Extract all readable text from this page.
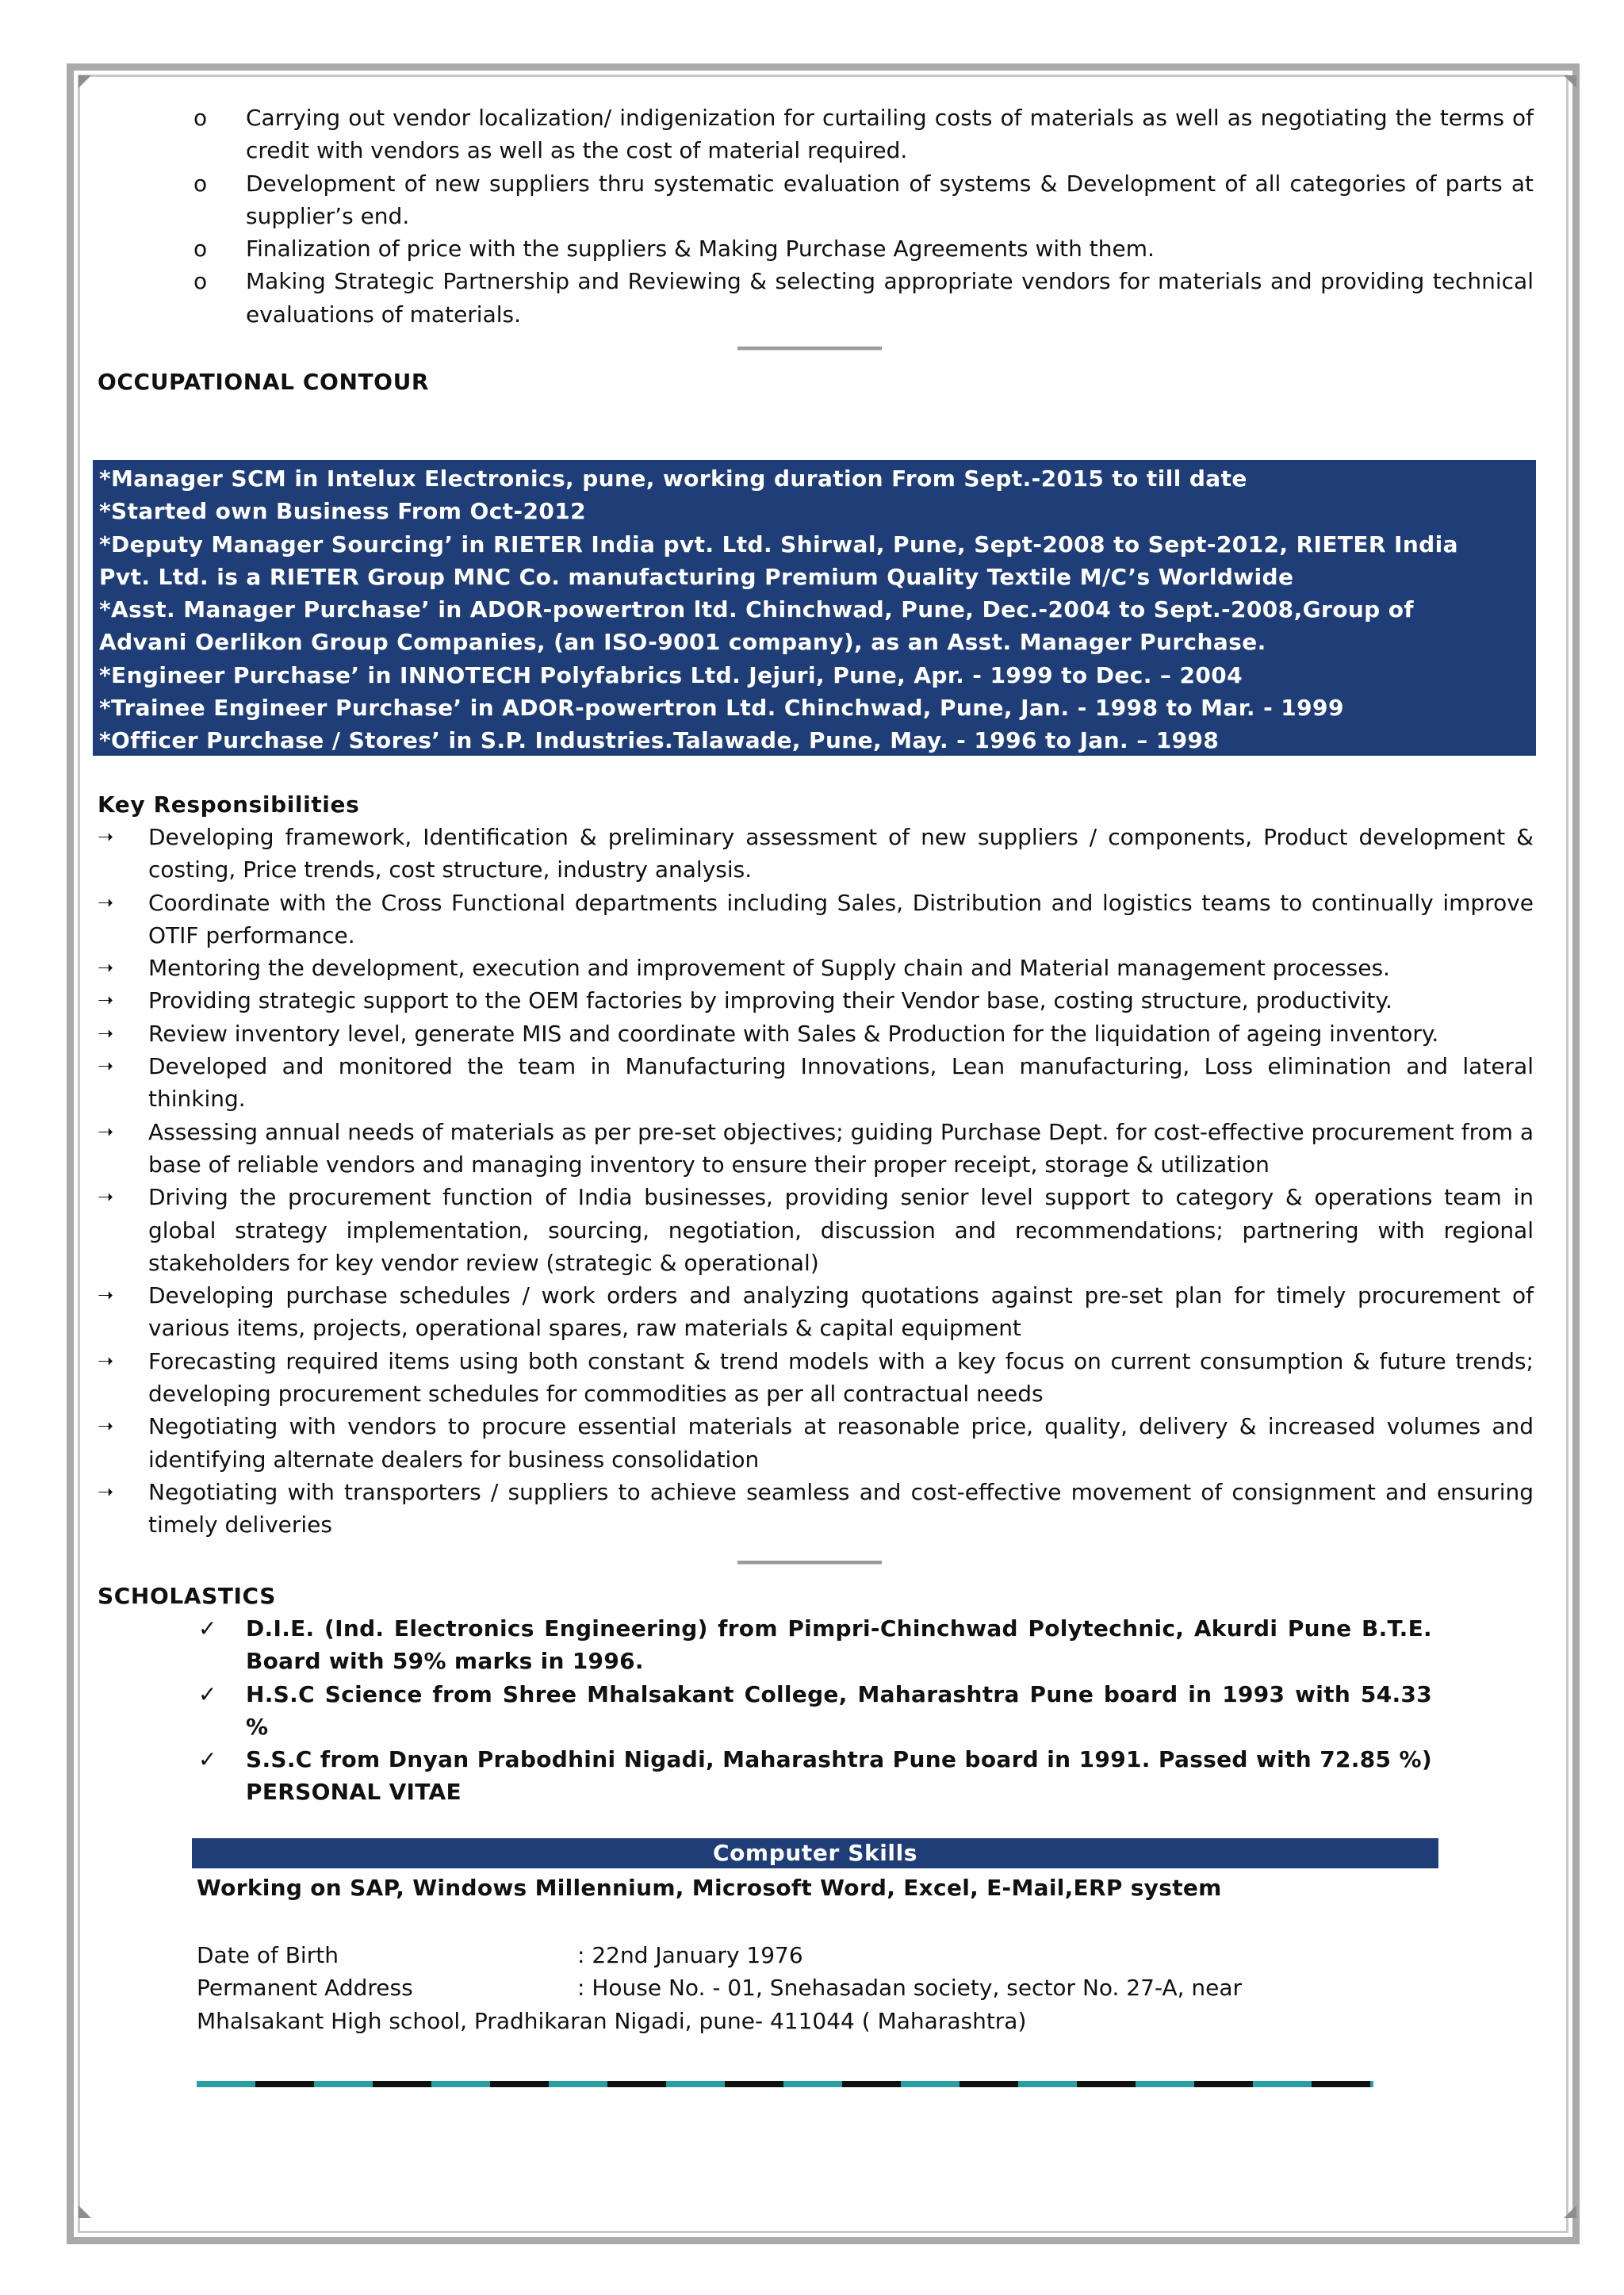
o Carrying out vendor localization/ indigenization for curtailing costs of materials as well as negotiating the terms of credit with vendors as well as the cost of material required.
o Development of new suppliers thru systematic evaluation of systems & Development of all categories of parts at supplier’s end.
o Finalization of price with the suppliers & Making Purchase Agreements with them.
o Making Strategic Partnership and Reviewing & selecting appropriate vendors for materials and providing technical evaluations of materials.
OCCUPATIONAL CONTOUR
*Manager SCM in Intelux Electronics, pune, working duration From Sept.-2015 to till date
*Started own Business From Oct-2012
*Deputy Manager Sourcing’ in RIETER India pvt. Ltd. Shirwal, Pune, Sept-2008 to Sept-2012, RIETER India
Pvt. Ltd. is a RIETER Group MNC Co. manufacturing Premium Quality Textile M/C’s Worldwide
*Asst. Manager Purchase’ in ADOR-powertron ltd. Chinchwad, Pune, Dec.-2004 to Sept.-2008,Group of
Advani Oerlikon Group Companies, (an ISO-9001 company), as an Asst. Manager Purchase.
*Engineer Purchase’ in INNOTECH Polyfabrics Ltd. Jejuri, Pune, Apr. - 1999 to Dec. – 2004
*Trainee Engineer Purchase’ in ADOR-powertron Ltd. Chinchwad, Pune, Jan. - 1998 to Mar. - 1999
*Officer Purchase / Stores’ in S.P. Industries.Talawade, Pune, May. - 1996 to Jan. – 1998
Key Responsibilities
➝ Developing framework, Identification & preliminary assessment of new suppliers / components, Product development & costing, Price trends, cost structure, industry analysis.
➝ Coordinate with the Cross Functional departments including Sales, Distribution and logistics teams to continually improve OTIF performance.
➝ Mentoring the development, execution and improvement of Supply chain and Material management processes.
➝ Providing strategic support to the OEM factories by improving their Vendor base, costing structure, productivity.
➝ Review inventory level, generate MIS and coordinate with Sales & Production for the liquidation of ageing inventory.
➝ Developed and monitored the team in Manufacturing Innovations, Lean manufacturing, Loss elimination and lateral thinking.
➝ Assessing annual needs of materials as per pre-set objectives; guiding Purchase Dept. for cost-effective procurement from a base of reliable vendors and managing inventory to ensure their proper receipt, storage & utilization
➝ Driving the procurement function of India businesses, providing senior level support to category & operations team in global strategy implementation, sourcing, negotiation, discussion and recommendations; partnering with regional stakeholders for key vendor review (strategic & operational)
➝ Developing purchase schedules / work orders and analyzing quotations against pre-set plan for timely procurement of various items, projects, operational spares, raw materials & capital equipment
➝ Forecasting required items using both constant & trend models with a key focus on current consumption & future trends; developing procurement schedules for commodities as per all contractual needs
➝ Negotiating with vendors to procure essential materials at reasonable price, quality, delivery & increased volumes and identifying alternate dealers for business consolidation
➝ Negotiating with transporters / suppliers to achieve seamless and cost-effective movement of consignment and ensuring timely deliveries
SCHOLASTICS
✓ D.I.E. (Ind. Electronics Engineering) from Pimpri-Chinchwad Polytechnic, Akurdi Pune B.T.E. Board with 59% marks in 1996.
✓ H.S.C Science from Shree Mhalsakant College, Maharashtra Pune board in 1993 with 54.33 %
✓ S.S.C from Dnyan Prabodhini Nigadi, Maharashtra Pune board in 1991. Passed with 72.85 %) PERSONAL VITAE
Computer Skills
Working on SAP, Windows Millennium, Microsoft Word, Excel, E-Mail,ERP system
Date of Birth	: 22nd January 1976
Permanent Address	: House No. - 01, Snehasadan society, sector No. 27-A, near
Mhalsakant High school, Pradhikaran Nigadi, pune- 411044 ( Maharashtra)
